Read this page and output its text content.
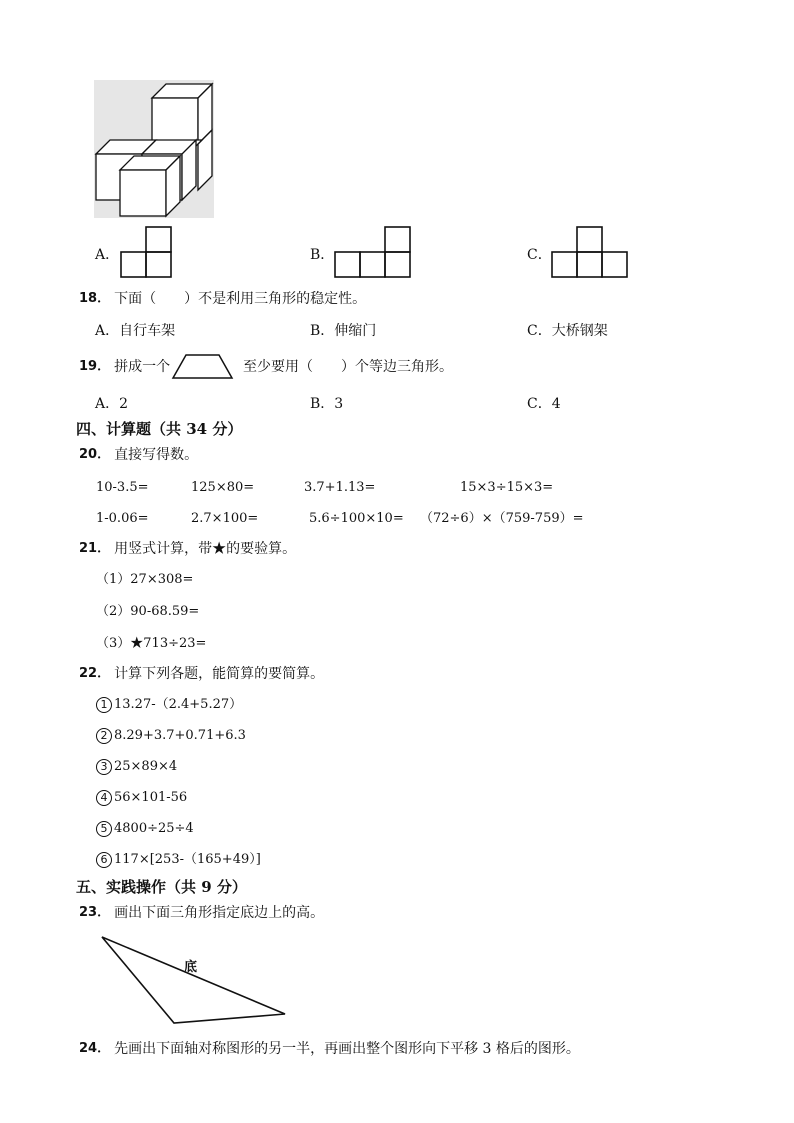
A．	B．	C．
18． 下面（　　）不是利用三角形的稳定性。
A．自行车架	B．伸缩门	C．大桥钢架
19． 拼成一个	至少要用（　　）个等边三角形。
A．2	B．3	C．4
四、计算题（共 34 分）
20． 直接写得数。
10-3.5=	125×80=	3.7+1.13=	15×3÷15×3=
1-0.06=	2.7×100=	5.6÷100×10= （72÷6）×（759-759）=
21． 用竖式计算，带★的要验算。
（1）27×308=
（2）90-68.59=
（3）★713÷23=
22． 计算下列各题，能简算的要简算。
1 13.27-（2.4+5.27）
2 8.29+3.7+0.71+6.3
3 25×89×4
4 56×101-56
5 4800÷25÷4
6 117×[253-（165+49）]
五、实践操作（共 9 分）
23． 画出下面三角形指定底边上的高。
底
24． 先画出下面轴对称图形的另一半，再画出整个图形向下平移 3 格后的图形。
